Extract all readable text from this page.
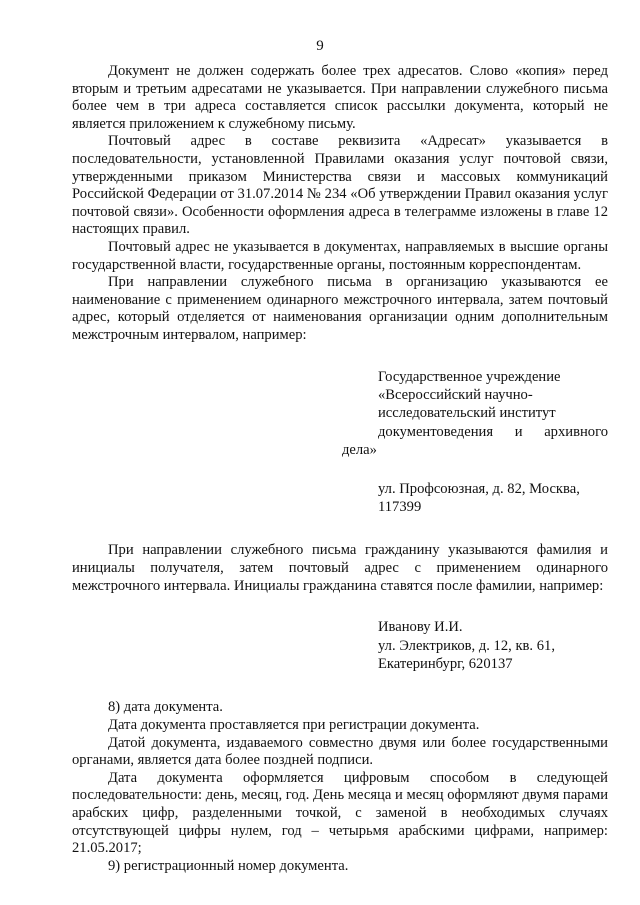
9

Документ не должен содержать более трех адресатов. Слово «копия» перед вторым и третьим адресатами не указывается. При направлении служебного письма более чем в три адреса составляется список рассылки документа, который не является приложением к служебному письму.

Почтовый адрес в составе реквизита «Адресат» указывается в последовательности, установленной Правилами оказания услуг почтовой связи, утвержденными приказом Министерства связи и массовых коммуникаций Российской Федерации от 31.07.2014 № 234 «Об утверждении Правил оказания услуг почтовой связи». Особенности оформления адреса в телеграмме изложены в главе 12 настоящих правил.

Почтовый адрес не указывается в документах, направляемых в высшие органы государственной власти, государственные органы, постоянным корреспондентам.

При направлении служебного письма в организацию указываются ее наименование с применением одинарного межстрочного интервала, затем почтовый адрес, который отделяется от наименования организации одним дополнительным межстрочным интервалом, например:

Государственное учреждение

«Всероссийский научно-

исследовательский институт

документоведения и архивного дела»

ул. Профсоюзная, д. 82, Москва,

117399

При направлении служебного письма гражданину указываются фамилия и инициалы получателя, затем почтовый адрес с применением одинарного межстрочного интервала. Инициалы гражданина ставятся после фамилии, например:

Иванову И.И.

ул. Электриков, д. 12, кв. 61,

Екатеринбург, 620137

8) дата документа.

Дата документа проставляется при регистрации документа.

Датой документа, издаваемого совместно двумя или более государственными органами, является дата более поздней подписи.

Дата документа оформляется цифровым способом в следующей последовательности: день, месяц, год. День месяца и месяц оформляют двумя парами арабских цифр, разделенными точкой, с заменой в необходимых случаях отсутствующей цифры нулем, год – четырьмя арабскими цифрами, например: 21.05.2017;

9) регистрационный номер документа.
